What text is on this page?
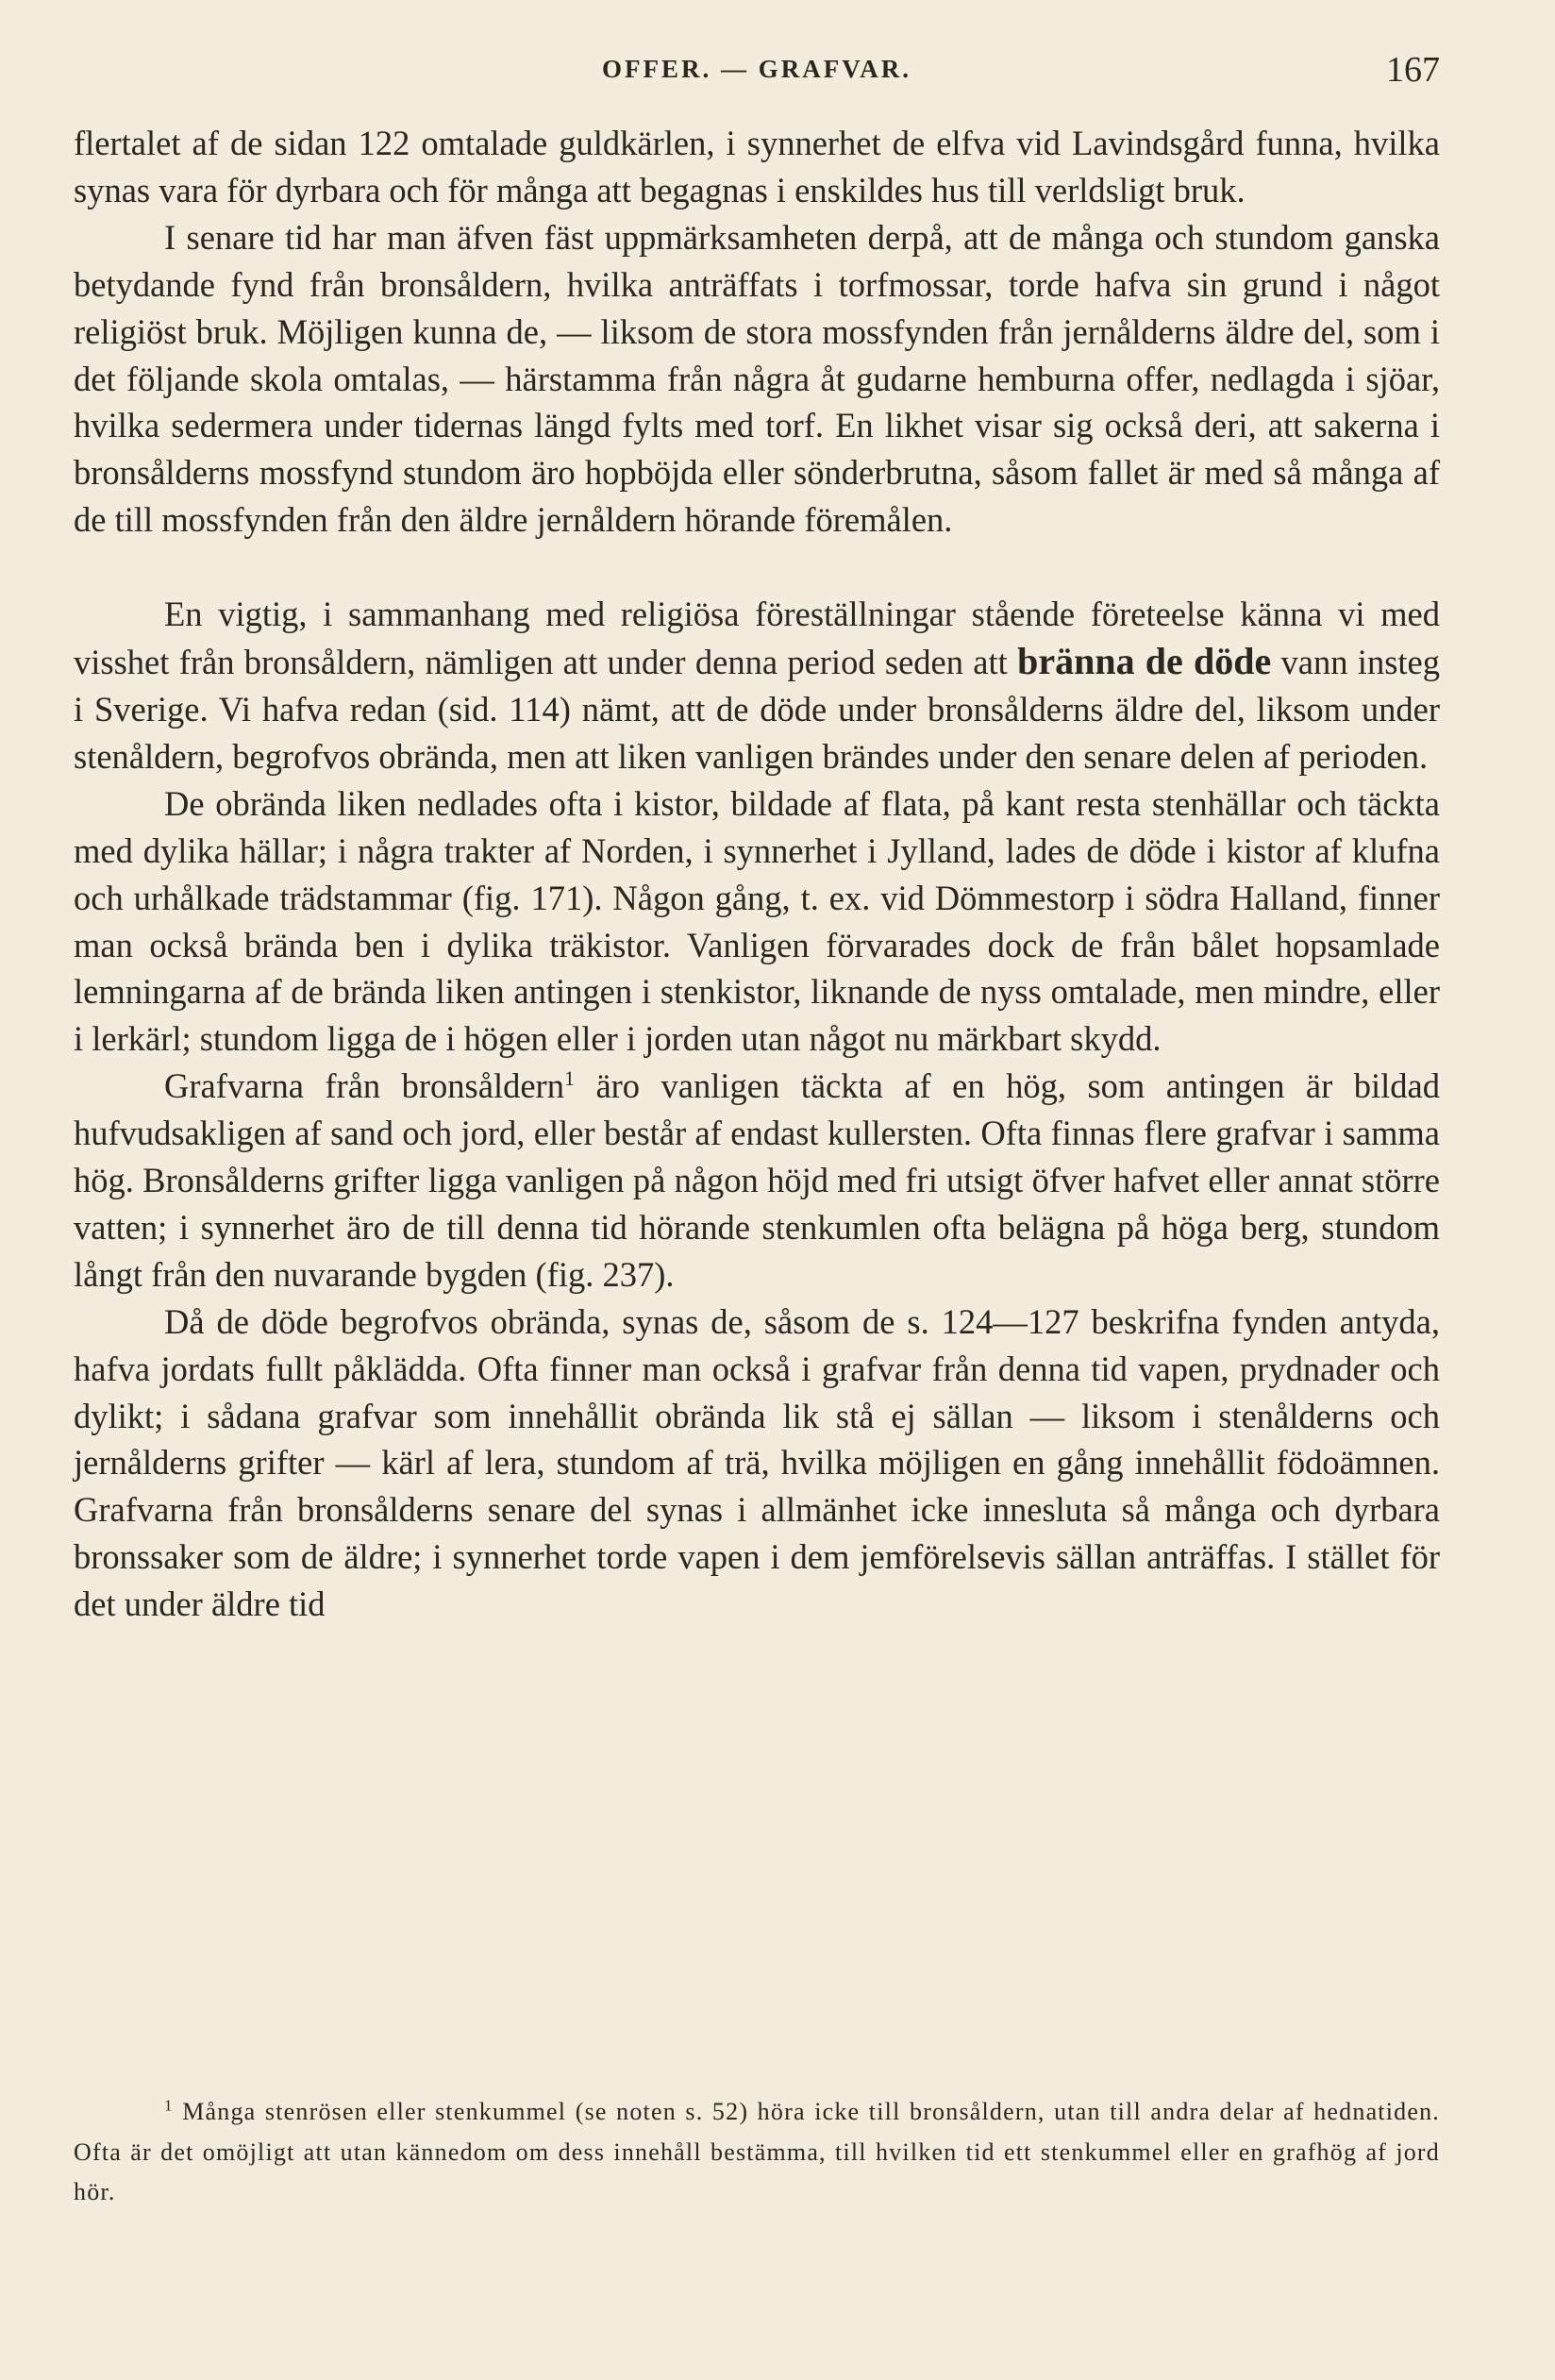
OFFER. — GRAFVAR.	167

flertalet af de sidan 122 omtalade guldkärlen, i synnerhet de elfva vid Lavindsgård funna, hvilka synas vara för dyrbara och för många att begagnas i enskildes hus till verldsligt bruk.

I senare tid har man äfven fäst uppmärksamheten derpå, att de många och stundom ganska betydande fynd från bronsåldern, hvilka anträffats i torfmossar, torde hafva sin grund i något religiöst bruk. Möjligen kunna de, — liksom de stora mossfynden från jernålderns äldre del, som i det följande skola omtalas, — härstamma från några åt gudarne hemburna offer, nedlagda i sjöar, hvilka sedermera under tidernas längd fylts med torf. En likhet visar sig också deri, att sakerna i bronsålderns mossfynd stundom äro hopböjda eller sönderbrutna, såsom fallet är med så många af de till mossfynden från den äldre jernåldern hörande föremålen.

En vigtig, i sammanhang med religiösa föreställningar stående företeelse känna vi med visshet från bronsåldern, nämligen att under denna period seden att bränna de döde vann insteg i Sverige. Vi hafva redan (sid. 114) nämt, att de döde under bronsålderns äldre del, liksom under stenåldern, begrofvos obrända, men att liken vanligen brändes under den senare delen af perioden.

De obrända liken nedlades ofta i kistor, bildade af flata, på kant resta stenhällar och täckta med dylika hällar; i några trakter af Norden, i synnerhet i Jylland, lades de döde i kistor af klufna och urhålkade trädstammar (fig. 171). Någon gång, t. ex. vid Dömmestorp i södra Halland, finner man också brända ben i dylika träkistor. Vanligen förvarades dock de från bålet hopsamlade lemningarna af de brända liken antingen i stenkistor, liknande de nyss omtalade, men mindre, eller i lerkärl; stundom ligga de i högen eller i jorden utan något nu märkbart skydd.

Grafvarna från bronsåldern$^1$ äro vanligen täckta af en hög, som antingen är bildad hufvudsakligen af sand och jord, eller består af endast kullersten. Ofta finnas flere grafvar i samma hög. Bronsålderns grifter ligga vanligen på någon höjd med fri utsigt öfver hafvet eller annat större vatten; i synnerhet äro de till denna tid hörande stenkumlen ofta belägna på höga berg, stundom långt från den nuvarande bygden (fig. 237).

Då de döde begrofvos obrända, synas de, såsom de s. 124—127 beskrifna fynden antyda, hafva jordats fullt påklädda. Ofta finner man också i grafvar från denna tid vapen, prydnader och dylikt; i sådana grafvar som innehållit obrända lik stå ej sällan — liksom i stenålderns och jernålderns grifter — kärl af lera, stundom af trä, hvilka möjligen en gång innehållit födoämnen. Grafvarna från bronsålderns senare del synas i allmänhet icke innesluta så många och dyrbara bronssaker som de äldre; i synnerhet torde vapen i dem jemförelsevis sällan anträffas. I stället för det under äldre tid

$^1$ Många stenrösen eller stenkummel (se noten s. 52) höra icke till bronsåldern, utan till andra delar af hednatiden. Ofta är det omöjligt att utan kännedom om dess innehåll bestämma, till hvilken tid ett stenkummel eller en grafhög af jord hör.
